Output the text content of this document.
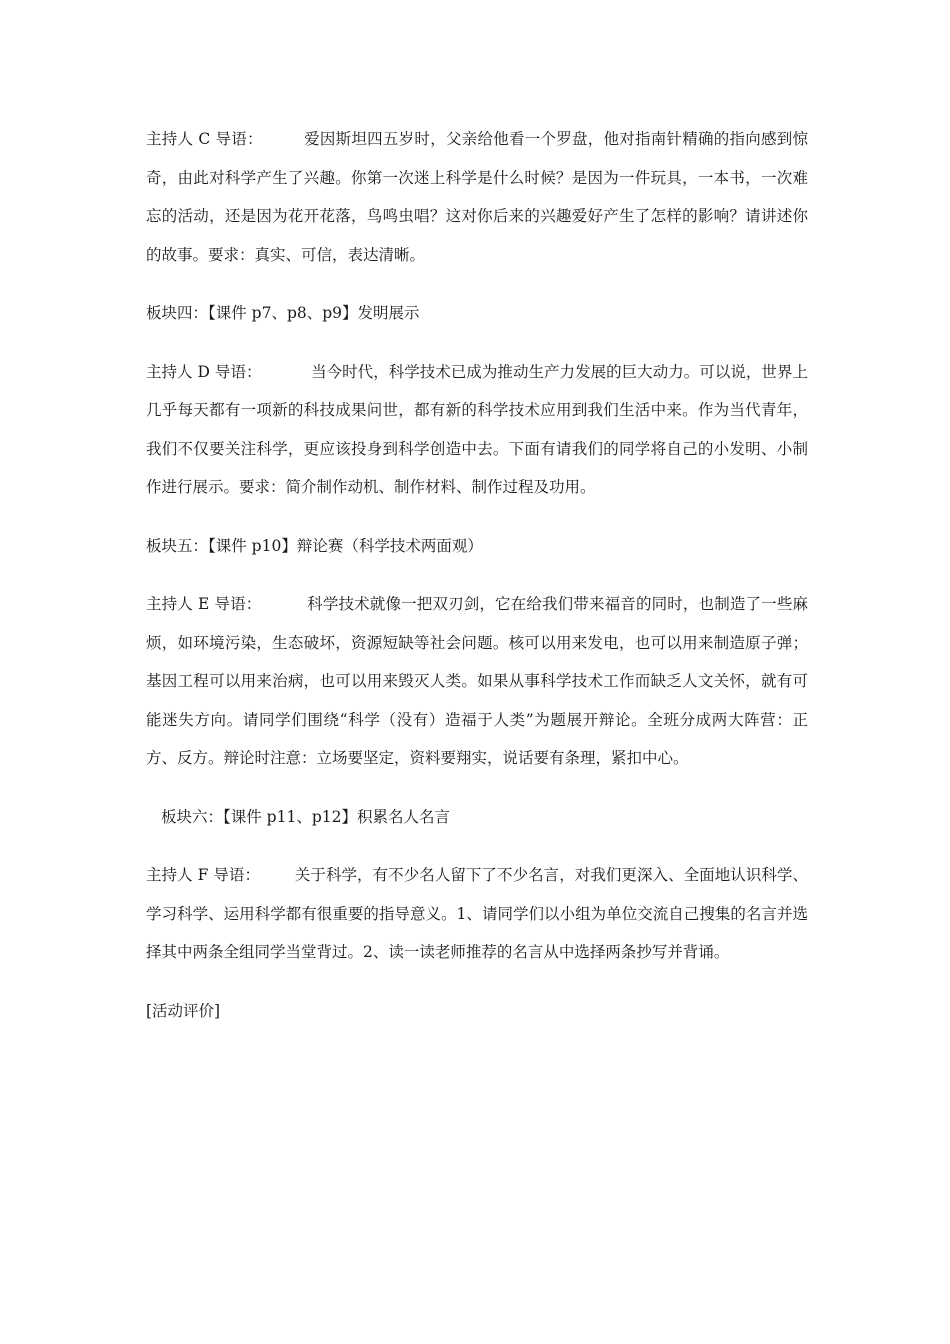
主持人 C 导语：	爱因斯坦四五岁时，父亲给他看一个罗盘，他对指南针精确的指向感到惊奇，由此对科学产生了兴趣。你第一次迷上科学是什么时候？是因为一件玩具，一本书，一次难忘的活动，还是因为花开花落，鸟鸣虫唱？这对你后来的兴趣爱好产生了怎样的影响？请讲述你的故事。要求：真实、可信，表达清晰。

板块四：【课件 p7、p8、p9】发明展示

主持人 D 导语：	当今时代，科学技术已成为推动生产力发展的巨大动力。可以说，世界上几乎每天都有一项新的科技成果问世，都有新的科学技术应用到我们生活中来。作为当代青年，我们不仅要关注科学，更应该投身到科学创造中去。下面有请我们的同学将自己的小发明、小制作进行展示。要求：简介制作动机、制作材料、制作过程及功用。

板块五：【课件 p10】辩论赛（科学技术两面观）

主持人 E 导语：	科学技术就像一把双刃剑，它在给我们带来福音的同时，也制造了一些麻烦，如环境污染，生态破坏，资源短缺等社会问题。核可以用来发电，也可以用来制造原子弹；基因工程可以用来治病，也可以用来毁灭人类。如果从事科学技术工作而缺乏人文关怀，就有可能迷失方向。请同学们围绕“科学（没有）造福于人类”为题展开辩论。全班分成两大阵营：正方、反方。辩论时注意：立场要坚定，资料要翔实，说话要有条理，紧扣中心。

板块六：【课件 p11、p12】积累名人名言

主持人 F 导语： 关于科学，有不少名人留下了不少名言，对我们更深入、全面地认识科学、学习科学、运用科学都有很重要的指导意义。1、请同学们以小组为单位交流自己搜集的名言并选择其中两条全组同学当堂背过。2、读一读老师推荐的名言从中选择两条抄写并背诵。

[活动评价]
